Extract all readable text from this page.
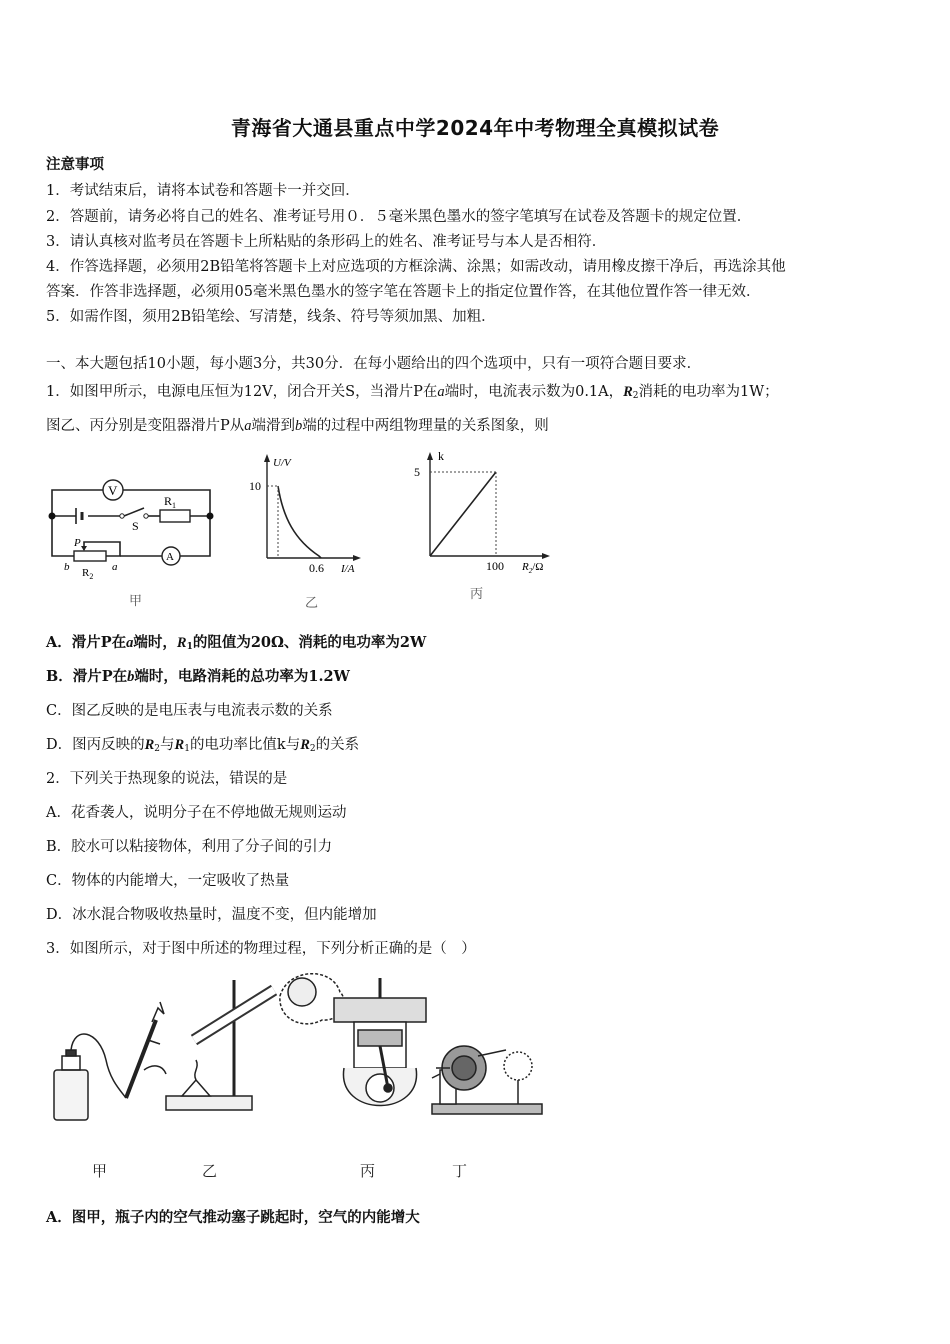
青海省大通县重点中学2024年中考物理全真模拟试卷
注意事项
1．考试结束后，请将本试卷和答题卡一并交回．
2．答题前，请务必将自己的姓名、准考证号用０．５毫米黑色墨水的签字笔填写在试卷及答题卡的规定位置．
3．请认真核对监考员在答题卡上所粘贴的条形码上的姓名、准考证号与本人是否相符．
4．作答选择题，必须用2B铅笔将答题卡上对应选项的方框涂满、涂黑；如需改动，请用橡皮擦干净后，再选涂其他
答案．作答非选择题，必须用05毫米黑色墨水的签字笔在答题卡上的指定位置作答，在其他位置作答一律无效．
5．如需作图，须用2B铅笔绘、写清楚，线条、符号等须加黑、加粗．
一、本大题包括10小题，每小题3分，共30分．在每小题给出的四个选项中，只有一项符合题目要求．
1．如图甲所示，电源电压恒为12V，闭合开关S，当滑片P在a端时，电流表示数为0.1A，$R_2$消耗的电功率为1W；
图乙、丙分别是变阻器滑片P从a端滑到b端的过程中两组物理量的关系图象，则
V
A
$R_1$
S
P
b $R_2$
a
甲
U/V
10
0.6 I/A
乙
k
5
100 $R_2/\Omega$
丙
A．滑片P在a端时，$R_1$的阻值为20Ω、消耗的电功率为2W
B．滑片P在b端时，电路消耗的总功率为1.2W
C．图乙反映的是电压表与电流表示数的关系
D．图丙反映的$R_2$与$R_1$的电功率比值k与$R_2$的关系
2．下列关于热现象的说法，错误的是
A．花香袭人，说明分子在不停地做无规则运动
B．胶水可以粘接物体，利用了分子间的引力
C．物体的内能增大，一定吸收了热量
D．冰水混合物吸收热量时，温度不变，但内能增加
3．如图所示，对于图中所述的物理过程，下列分析正确的是（　）
甲	乙	丙	丁
A．图甲，瓶子内的空气推动塞子跳起时，空气的内能增大
